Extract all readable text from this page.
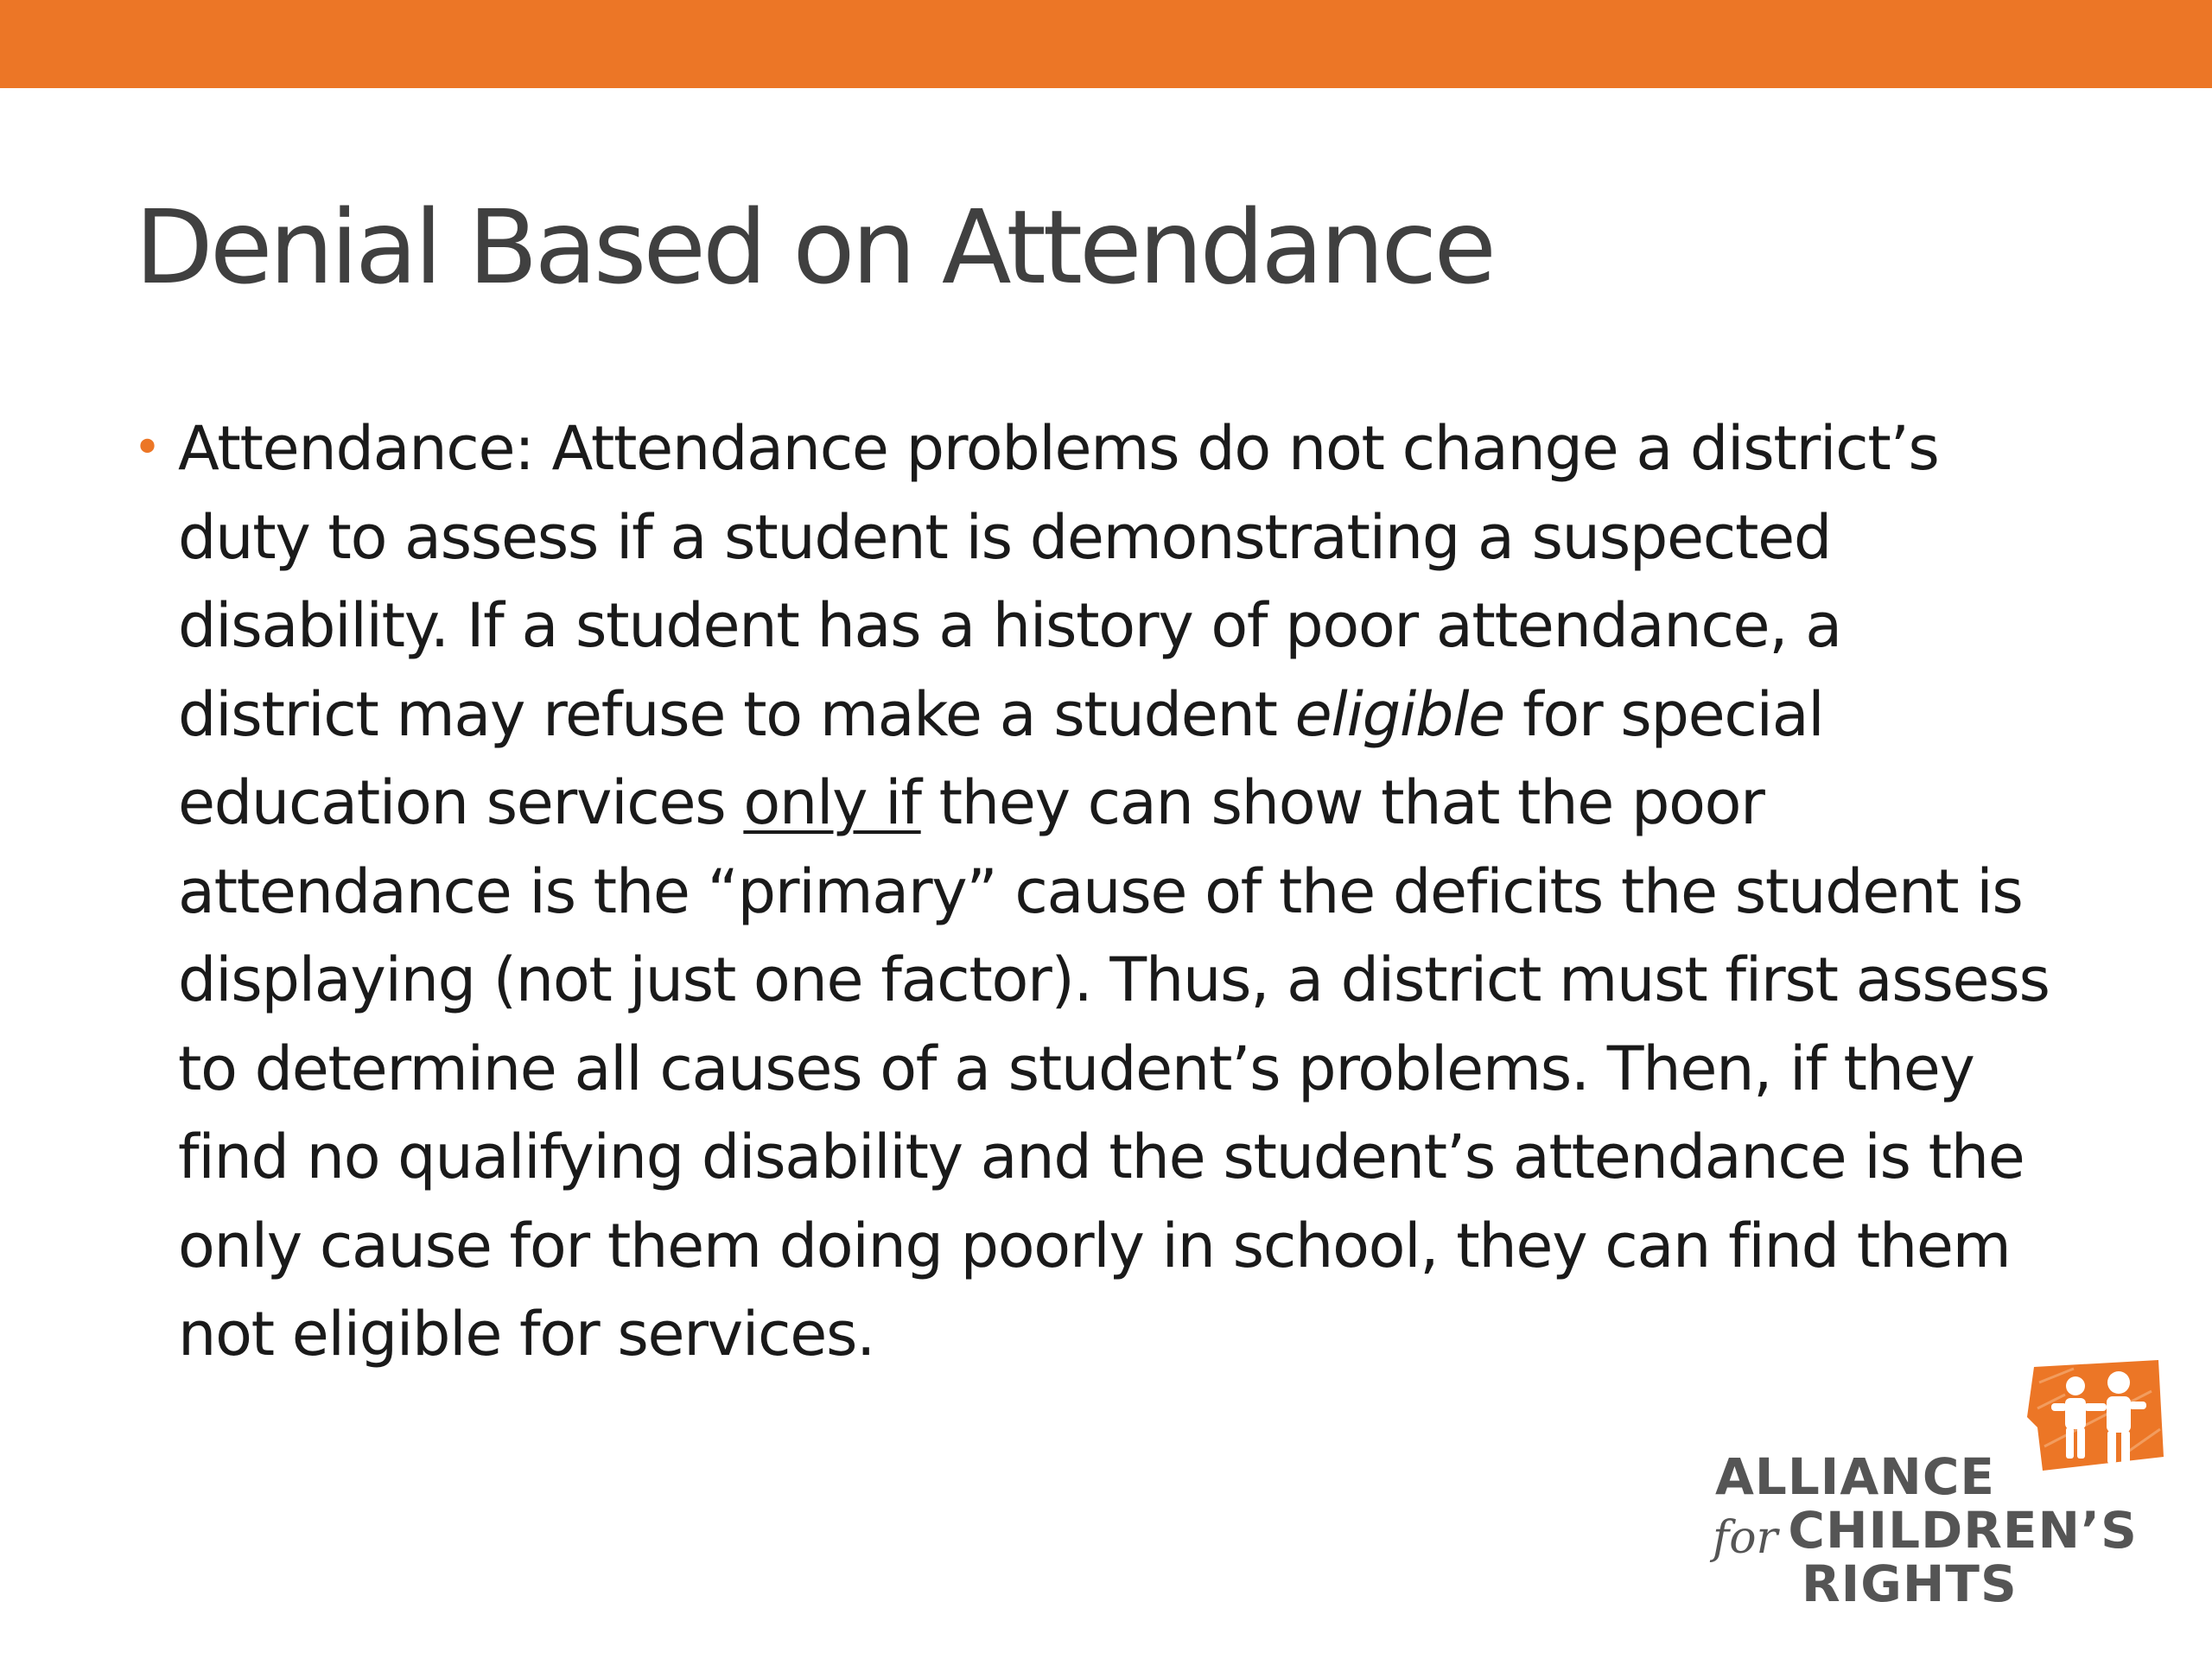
Denial Based on Attendance
• Attendance: Attendance problems do not change a district’s
duty to assess if a student is demonstrating a suspected
disability. If a student has a history of poor attendance, a
district may refuse to make a student eligible for special
education services only if they can show that the poor
attendance is the “primary” cause of the deficits the student is
displaying (not just one factor). Thus, a district must first assess
to determine all causes of a student’s problems. Then, if they
find no qualifying disability and the student’s attendance is the
only cause for them doing poorly in school, they can find them
not eligible for services.

ALLIANCE
for CHILDREN’S
RIGHTS
